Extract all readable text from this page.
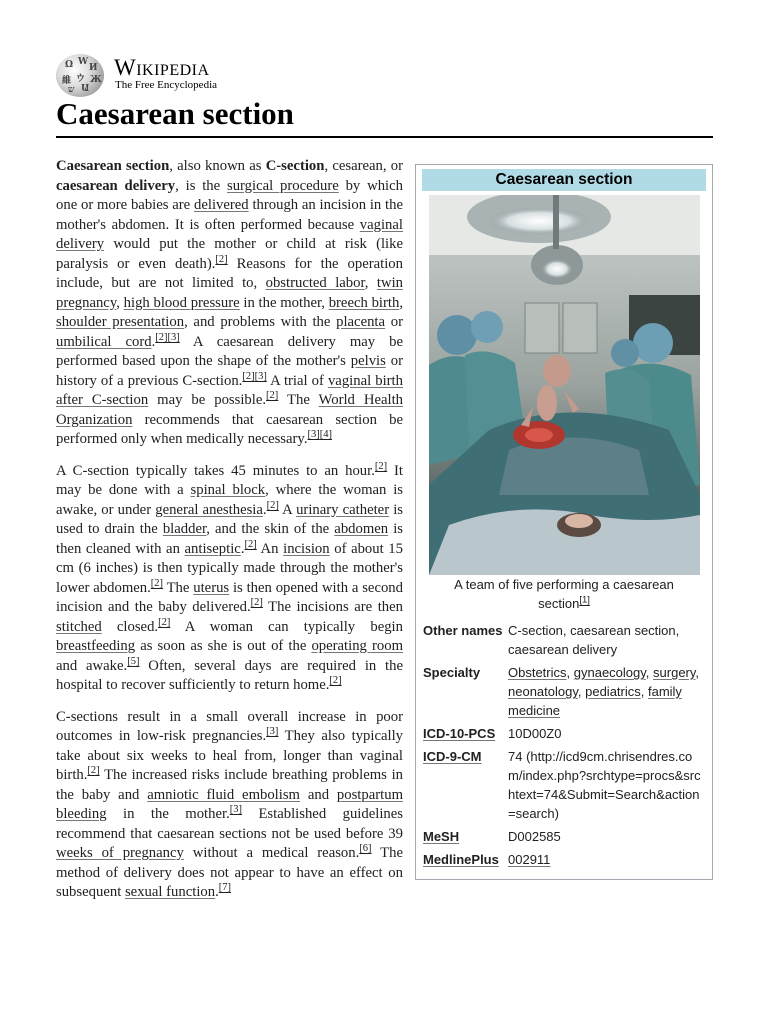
Ω W
И
維 ウ Ж
ש Ա
Wikipedia
The Free Encyclopedia
Caesarean section
Caesarean section
A team of five performing a caesarean section[1]
Other names	C-section, caesarean section, caesarean delivery
Specialty	Obstetrics, gynaecology, surgery, neonatology, pediatrics, family medicine
ICD-10-PCS	10D00Z0
ICD-9-CM	74 (http://icd9cm.chrisendres.com/index.php?srchtype=procs&srchtext=74&Submit=Search&action=search)
MeSH	D002585
MedlinePlus	002911

Caesarean section, also known as C-section, cesarean, or caesarean delivery, is the surgical procedure by which one or more babies are delivered through an incision in the mother's abdomen. It is often performed because vaginal delivery would put the mother or child at risk (like paralysis or even death).[2] Reasons for the operation include, but are not limited to, obstructed labor, twin pregnancy, high blood pressure in the mother, breech birth, shoulder presentation, and problems with the placenta or umbilical cord.[2][3] A caesarean delivery may be performed based upon the shape of the mother's pelvis or history of a previous C-section.[2][3] A trial of vaginal birth after C-section may be possible.[2] The World Health Organization recommends that caesarean section be performed only when medically necessary.[3][4]

A C-section typically takes 45 minutes to an hour.[2] It may be done with a spinal block, where the woman is awake, or under general anesthesia.[2] A urinary catheter is used to drain the bladder, and the skin of the abdomen is then cleaned with an antiseptic.[2] An incision of about 15 cm (6 inches) is then typically made through the mother's lower abdomen.[2] The uterus is then opened with a second incision and the baby delivered.[2] The incisions are then stitched closed.[2] A woman can typically begin breastfeeding as soon as she is out of the operating room and awake.[5] Often, several days are required in the hospital to recover sufficiently to return home.[2]

C-sections result in a small overall increase in poor outcomes in low-risk pregnancies.[3] They also typically take about six weeks to heal from, longer than vaginal birth.[2] The increased risks include breathing problems in the baby and amniotic fluid embolism and postpartum bleeding in the mother.[3] Established guidelines recommend that caesarean sections not be used before 39 weeks of pregnancy without a medical reason.[6] The method of delivery does not appear to have an effect on subsequent sexual function.[7]
